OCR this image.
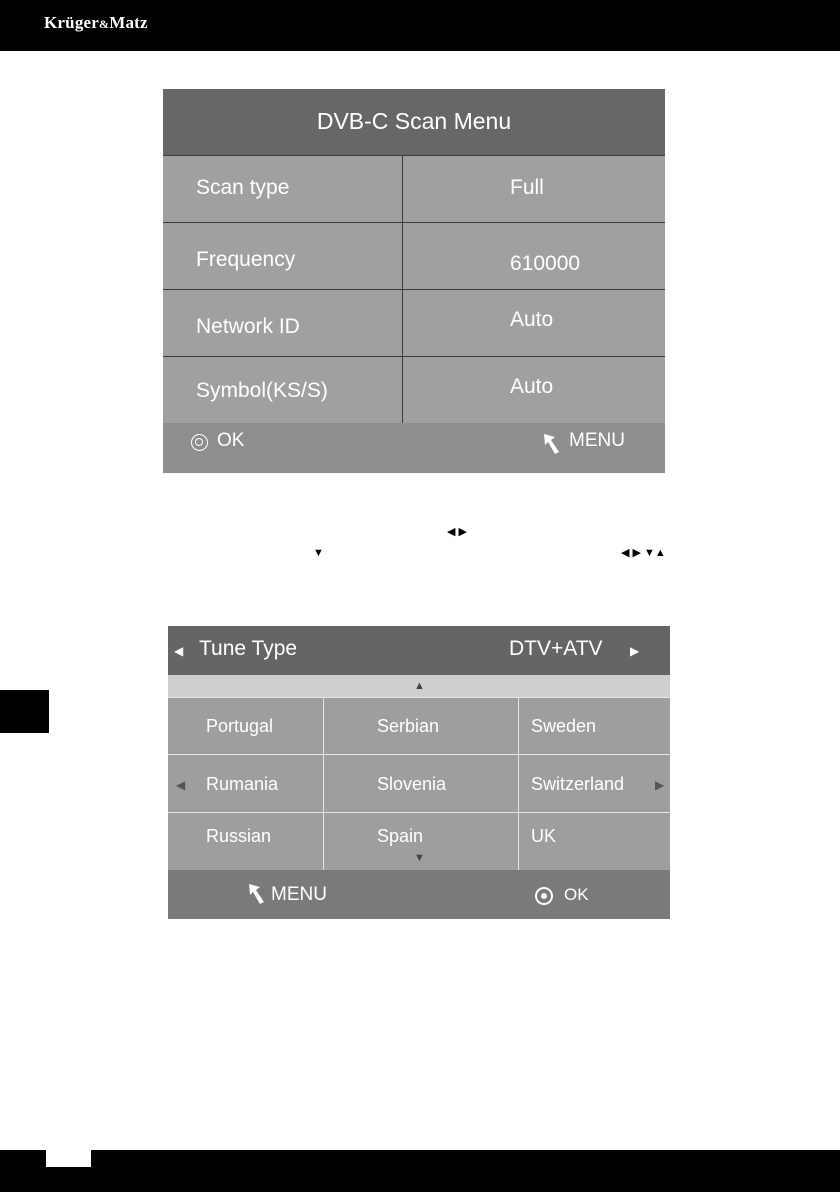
Krüger&Matz
DVB-C Scan Menu
Scan type	Full
Frequency	610000
Network ID	Auto
Symbol(KS/S)	Auto
OK	MENU
◀ ▶
▼	◀ ▶ ▼▲
◀ Tune Type	DTV+ATV ▶
▲
Portugal	Serbian	Sweden
◀ Rumania	Slovenia	Switzerland	▶
Russian	Spain	UK
▼
MENU	OK
